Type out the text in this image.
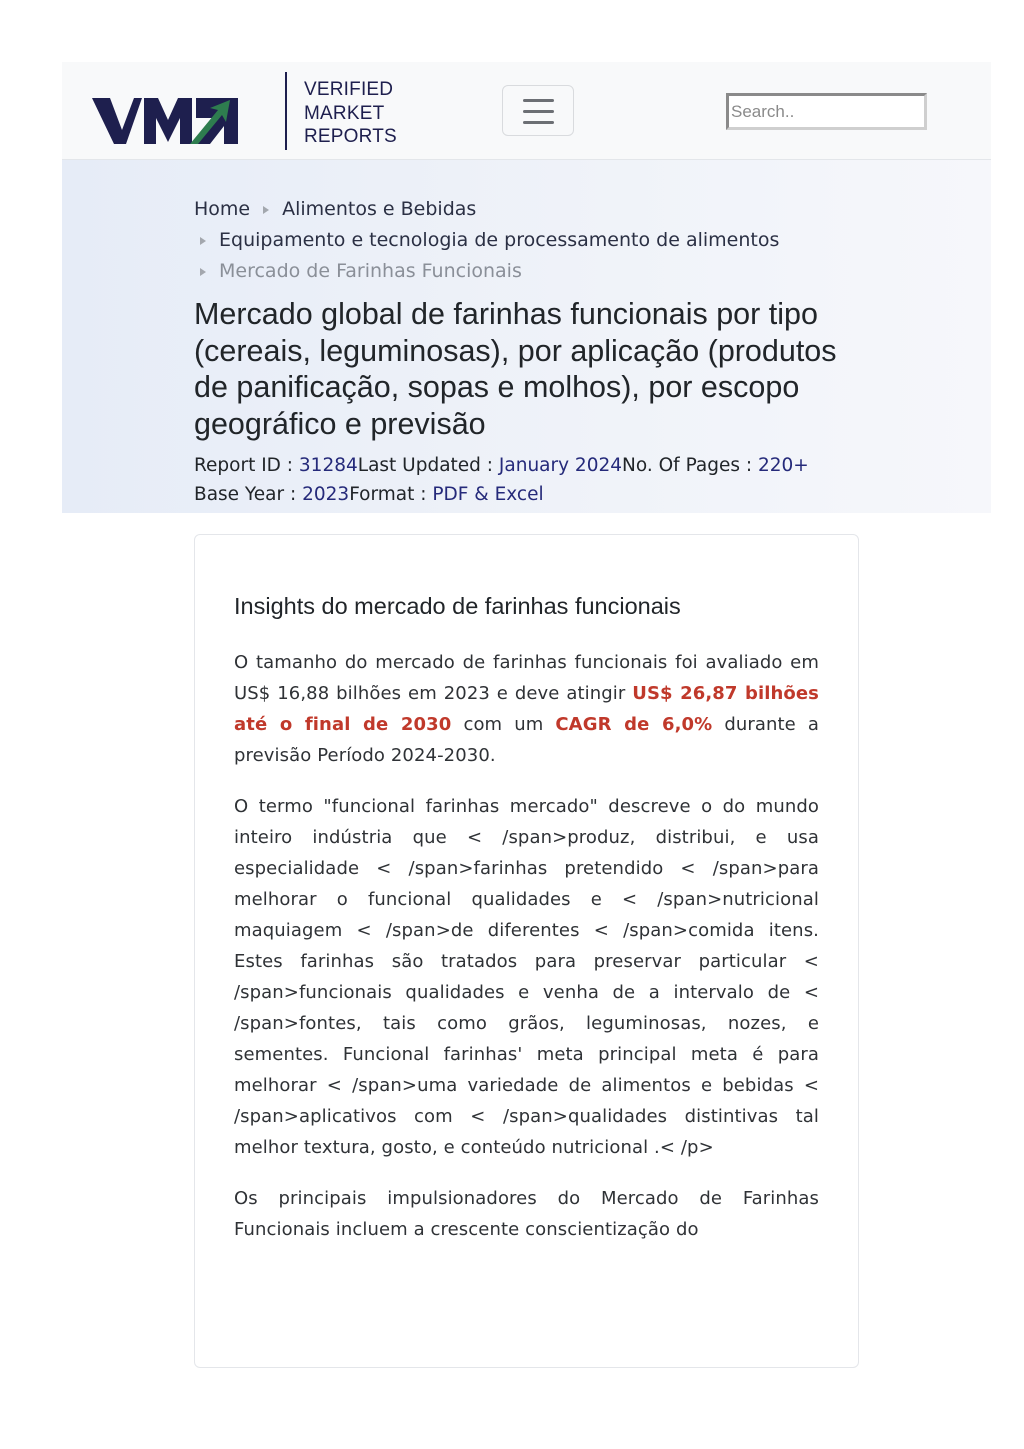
VERIFIED
MARKET
REPORTS
Search..
Home Alimentos e Bebidas
Equipamento e tecnologia de processamento de alimentos
Mercado de Farinhas Funcionais
Mercado global de farinhas funcionais por tipo (cereais, leguminosas), por aplicação (produtos de panificação, sopas e molhos), por escopo geográfico e previsão
Report ID : 31284Last Updated : January 2024No. Of Pages : 220+
Base Year : 2023Format : PDF & Excel
Insights do mercado de farinhas funcionais

O tamanho do mercado de farinhas funcionais foi avaliado em US$ 16,88 bilhões em 2023 e deve atingir US$ 26,87 bilhões até o final de 2030 com um CAGR de 6,0% durante a previsão Período 2024-2030.

O termo "funcional farinhas mercado" descreve o do mundo inteiro indústria que < /span>produz, distribui, e usa especialidade < /span>farinhas pretendido < /span>para melhorar o funcional qualidades e < /span>nutricional maquiagem < /span>de diferentes < /span>comida itens. Estes farinhas são tratados para preservar particular < /span>funcionais qualidades e venha de a intervalo de < /span>fontes, tais como grãos, leguminosas, nozes, e sementes. Funcional farinhas' meta principal meta é para melhorar < /span>uma variedade de alimentos e bebidas < /span>aplicativos com < /span>qualidades distintivas tal melhor textura, gosto, e conteúdo nutricional .< /p>

Os principais impulsionadores do Mercado de Farinhas Funcionais incluem a crescente conscientização do
